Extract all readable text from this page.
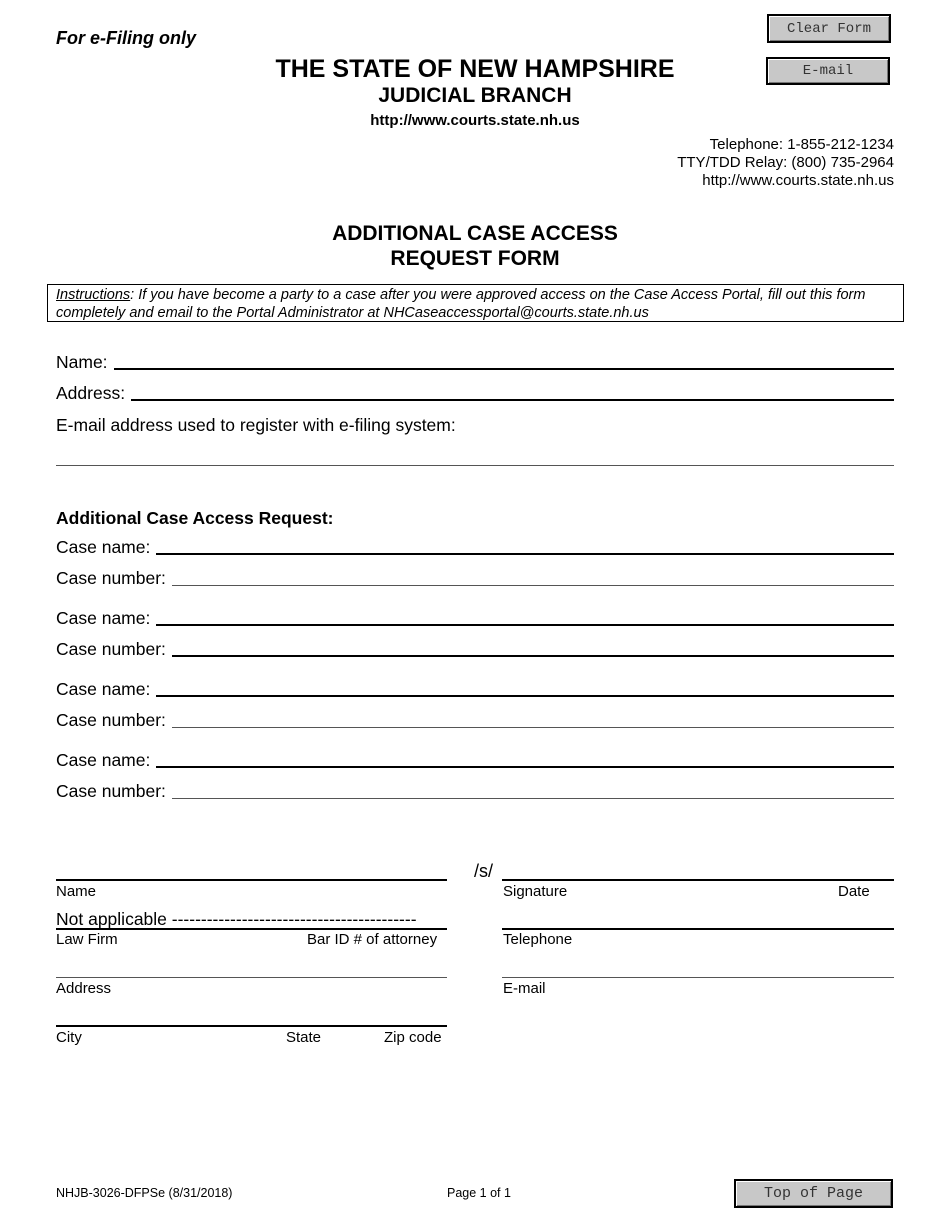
For e-Filing only	Clear Form
E-mail
THE STATE OF NEW HAMPSHIRE
JUDICIAL BRANCH
http://www.courts.state.nh.us
Telephone: 1-855-212-1234
TTY/TDD Relay: (800) 735-2964
http://www.courts.state.nh.us
ADDITIONAL CASE ACCESS
REQUEST FORM
Instructions: If you have become a party to a case after you were approved access on the Case Access Portal, fill out this form completely and email to the Portal Administrator at NHCaseaccessportal@courts.state.nh.us
Name:
Address:
E-mail address used to register with e-filing system:
Additional Case Access Request:
Case name:
Case number:
Case name:
Case number:
Case name:
Case number:
Case name:
Case number:
/s/
Name	Signature	Date
Not applicable ------------------------------------------
Law Firm	Bar ID # of attorney	Telephone
Address	E-mail
City	State	Zip code
NHJB-3026-DFPSe (8/31/2018)	Page 1 of 1	Top of Page
